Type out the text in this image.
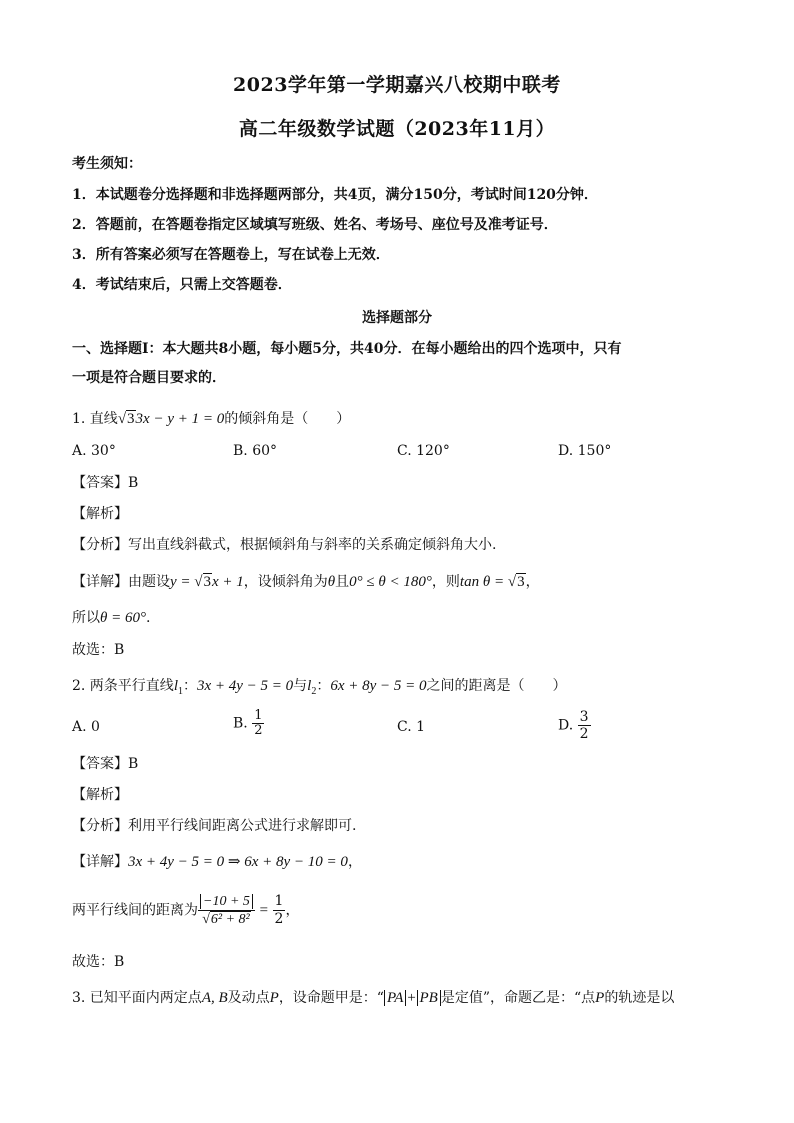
2023学年第一学期嘉兴八校期中联考
高二年级数学试题（2023年11月）
考生须知：
1．本试题卷分选择题和非选择题两部分，共4页，满分150分，考试时间120分钟．
2．答题前，在答题卷指定区域填写班级、姓名、考场号、座位号及准考证号．
3．所有答案必须写在答题卷上，写在试卷上无效．
4．考试结束后，只需上交答题卷．
选择题部分
一、选择题Ⅰ：本大题共8小题，每小题5分，共40分．在每小题给出的四个选项中，只有
一项是符合题目要求的．
1. 直线√33x − y + 1 = 0的倾斜角是（　　）
A. 30°	B. 60°	C. 120°	D. 150°
【答案】B
【解析】
【分析】写出直线斜截式，根据倾斜角与斜率的关系确定倾斜角大小.
【详解】由题设y = √3x + 1，设倾斜角为θ且0° ≤ θ < 180°，则tan θ = √3，
所以θ = 60°.
故选：B
2. 两条平行直线$l_1$：3x + 4y − 5 = 0与$l_2$：6x + 8y − 5 = 0之间的距离是（　　）
A. 0	B. $\frac{1}{2}$	C. 1	D. $\frac{3}{2}$
【答案】B
【解析】
【分析】利用平行线间距离公式进行求解即可.
【详解】3x + 4y − 5 = 0 ⇒ 6x + 8y − 10 = 0，
两平行线间的距离为 $\frac{-10 + 5}{\text{√6² + 8²}} = \frac{1}{2}$ ，
故选：B
3. 已知平面内两定点A, B及动点P，设命题甲是：“ PA + PB 是定值”，命题乙是：“点P的轨迹是以
